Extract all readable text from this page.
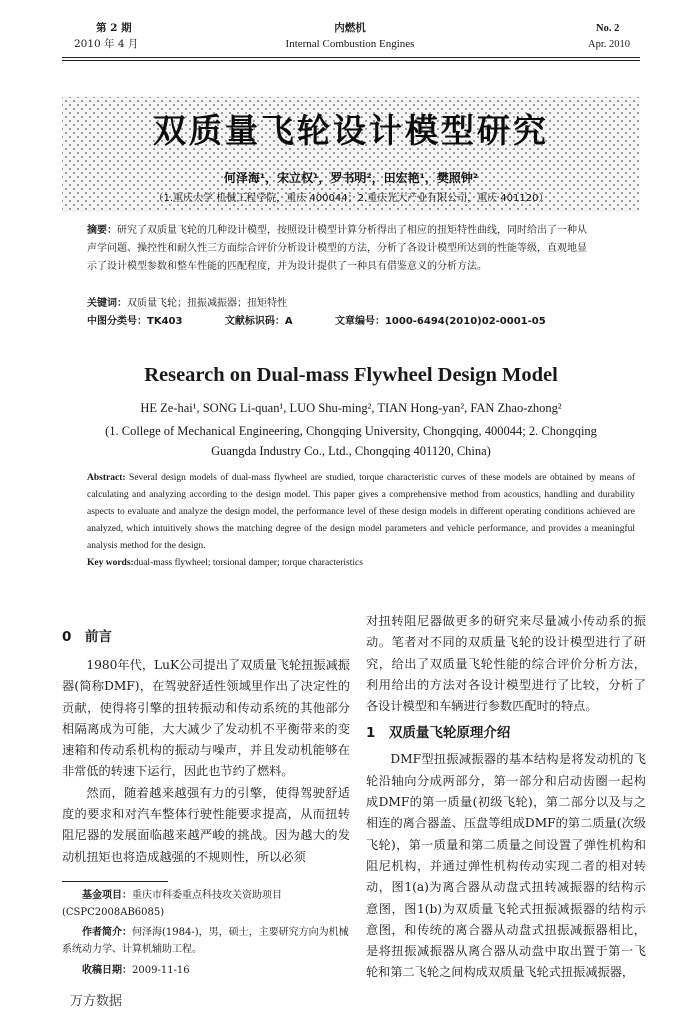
第 2 期
2010 年 4 月
内燃机
Internal Combustion Engines
No. 2
Apr. 2010
双质量飞轮设计模型研究
何泽海¹，宋立权¹，罗书明²，田宏艳¹，樊照钟²
（1.重庆大学 机械工程学院，重庆 400044；2.重庆光大产业有限公司，重庆 401120）
摘要：研究了双质量飞轮的几种设计模型，按照设计模型计算分析得出了相应的扭矩特性曲线，同时给出了一种从
声学问题、操控性和耐久性三方面综合评价分析设计模型的方法，分析了各设计模型所达到的性能等级，直观地显
示了设计模型参数和整车性能的匹配程度，并为设计提供了一种具有借鉴意义的分析方法。
关键词：双质量飞轮；扭振减振器；扭矩特性
中图分类号：TK403	文献标识码：A	文章编号：1000-6494(2010)02-0001-05
Research on Dual-mass Flywheel Design Model
HE Ze-hai¹, SONG Li-quan¹, LUO Shu-ming², TIAN Hong-yan², FAN Zhao-zhong²
(1. College of Mechanical Engineering, Chongqing University, Chongqing, 400044; 2. Chongqing
Guangda Industry Co., Ltd., Chongqing 401120, China)
Abstract: Several design models of dual-mass flywheel are studied, torque characteristic curves of these models are obtained by means of calculating and analyzing according to the design model. This paper gives a comprehensive method from acoustics, handling and durability aspects to evaluate and analyze the design model, the performance level of these design models in different operating conditions achieved are analyzed, which intuitively shows the matching degree of the design model parameters and vehicle performance, and provides a meaningful analysis method for the design.
Key words:dual-mass flywheel; torsional damper; torque characteristics
0　前言

1980年代，LuK公司提出了双质量飞轮扭振减振器(简称DMF)，在驾驶舒适性领域里作出了决定性的贡献，使得将引擎的扭转振动和传动系统的其他部分相隔离成为可能，大大减少了发动机不平衡带来的变速箱和传动系机构的振动与噪声，并且发动机能够在非常低的转速下运行，因此也节约了燃料。

然而，随着越来越强有力的引擎，使得驾驶舒适度的要求和对汽车整体行驶性能要求提高，从而扭转阻尼器的发展面临越来越严峻的挑战。因为越大的发动机扭矩也将造成越强的不规则性，所以必须

基金项目：重庆市科委重点科技攻关资助项目(CSPC2008AB6085)
作者简介：何泽海(1984-)，男，硕士，主要研究方向为机械系统动力学、计算机辅助工程。
收稿日期：2009-11-16

对扭转阻尼器做更多的研究来尽量减小传动系的振动。笔者对不同的双质量飞轮的设计模型进行了研究，给出了双质量飞轮性能的综合评价分析方法，利用给出的方法对各设计模型进行了比较，分析了各设计模型和车辆进行参数匹配时的特点。

1　双质量飞轮原理介绍

DMF型扭振减振器的基本结构是将发动机的飞轮沿轴向分成两部分，第一部分和启动齿圈一起构成DMF的第一质量(初级飞轮)，第二部分以及与之相连的离合器盖、压盘等组成DMF的第二质量(次级飞轮)，第一质量和第二质量之间设置了弹性机构和阻尼机构，并通过弹性机构传动实现二者的相对转动，图1(a)为离合器从动盘式扭转减振器的结构示意图，图1(b)为双质量飞轮式扭振减振器的结构示意图，和传统的离合器从动盘式扭振减振器相比，是将扭振减振器从离合器从动盘中取出置于第一飞轮和第二飞轮之间构成双质量飞轮式扭振减振器，

万方数据
